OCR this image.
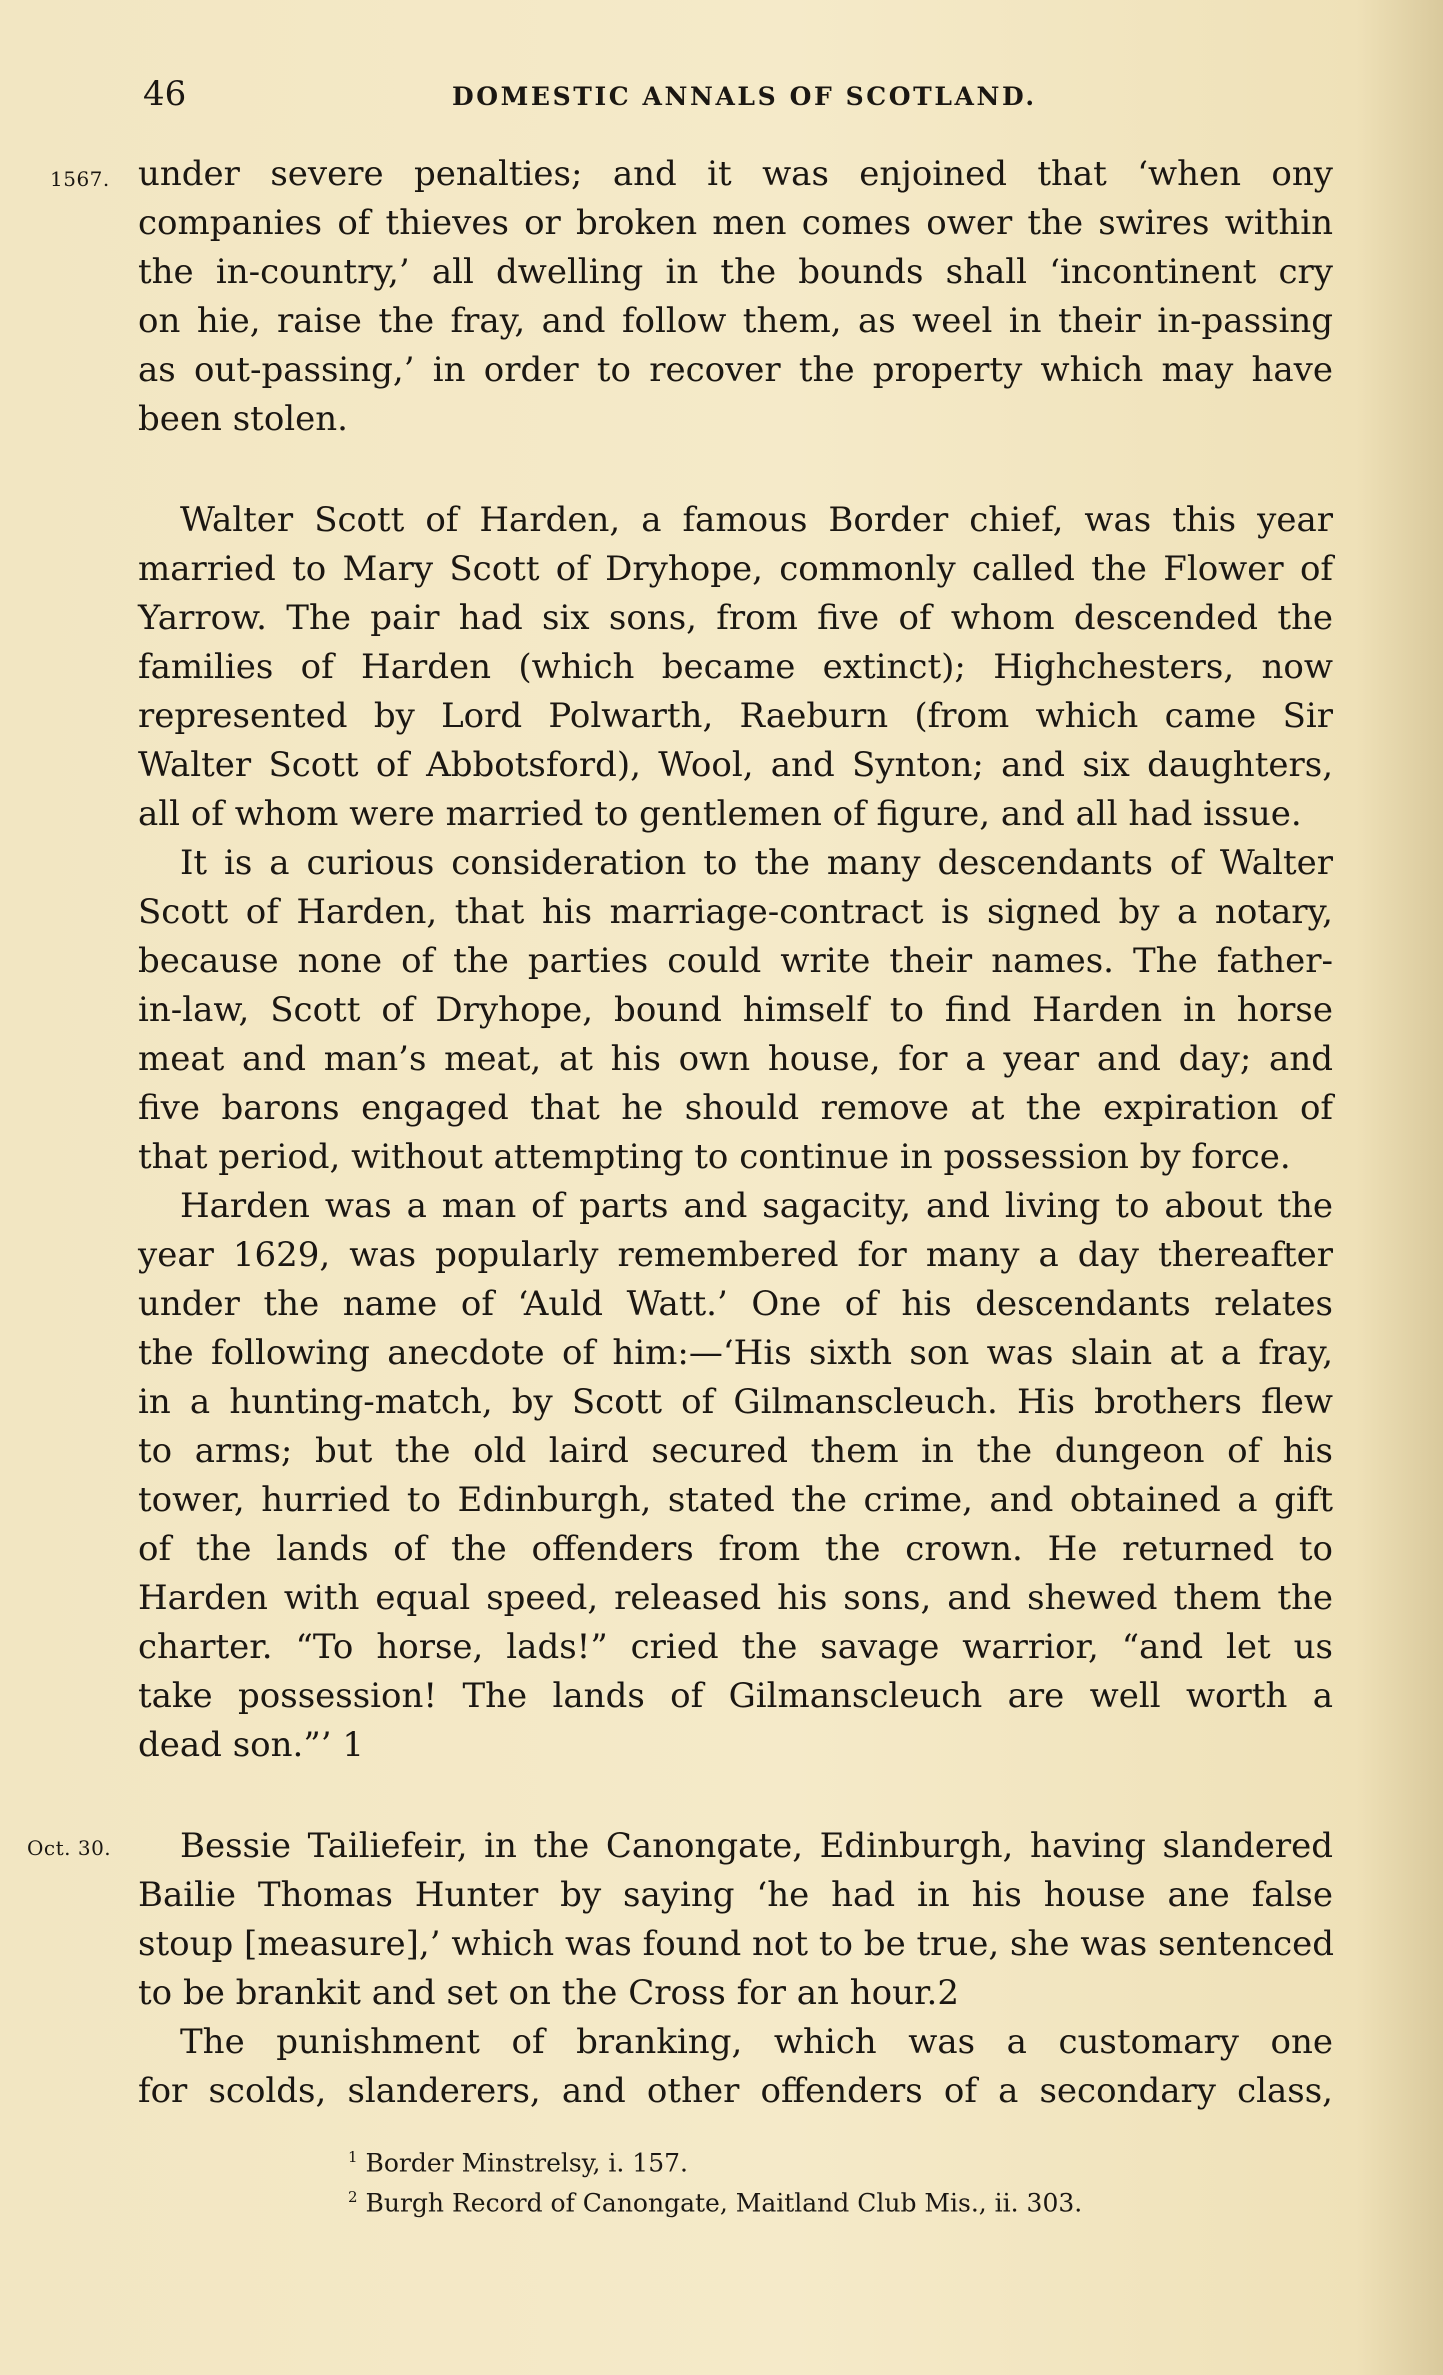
46	DOMESTIC ANNALS OF SCOTLAND.
1567.
Oct. 30.
under severe penalties; and it was enjoined that ‘when ony
companies of thieves or broken men comes ower the swires within
the in-country,’ all dwelling in the bounds shall ‘incontinent cry
on hie, raise the fray, and follow them, as weel in their in-passing
as out-passing,’ in order to recover the property which may have
been stolen.
Walter Scott of Harden, a famous Border chief, was this year
married to Mary Scott of Dryhope, commonly called the Flower of
Yarrow. The pair had six sons, from five of whom descended the
families of Harden (which became extinct); Highchesters, now
represented by Lord Polwarth, Raeburn (from which came Sir
Walter Scott of Abbotsford), Wool, and Synton; and six daughters,
all of whom were married to gentlemen of figure, and all had issue.
It is a curious consideration to the many descendants of Walter
Scott of Harden, that his marriage-contract is signed by a notary,
because none of the parties could write their names. The father-
in-law, Scott of Dryhope, bound himself to find Harden in horse
meat and man’s meat, at his own house, for a year and day; and
five barons engaged that he should remove at the expiration of
that period, without attempting to continue in possession by force.
Harden was a man of parts and sagacity, and living to about the
year 1629, was popularly remembered for many a day thereafter
under the name of ‘Auld Watt.’ One of his descendants relates
the following anecdote of him:—‘His sixth son was slain at a fray,
in a hunting-match, by Scott of Gilmanscleuch. His brothers flew
to arms; but the old laird secured them in the dungeon of his
tower, hurried to Edinburgh, stated the crime, and obtained a gift
of the lands of the offenders from the crown. He returned to
Harden with equal speed, released his sons, and shewed them the
charter. “To horse, lads!” cried the savage warrior, “and let us
take possession! The lands of Gilmanscleuch are well worth a
dead son.”’ 1
Bessie Tailiefeir, in the Canongate, Edinburgh, having slandered
Bailie Thomas Hunter by saying ‘he had in his house ane false
stoup [measure],’ which was found not to be true, she was sentenced
to be brankit and set on the Cross for an hour.2
The punishment of branking, which was a customary one
for scolds, slanderers, and other offenders of a secondary class,
$^1$ Border Minstrelsy, i. 157.
$^2$ Burgh Record of Canongate, Maitland Club Mis., ii. 303.
